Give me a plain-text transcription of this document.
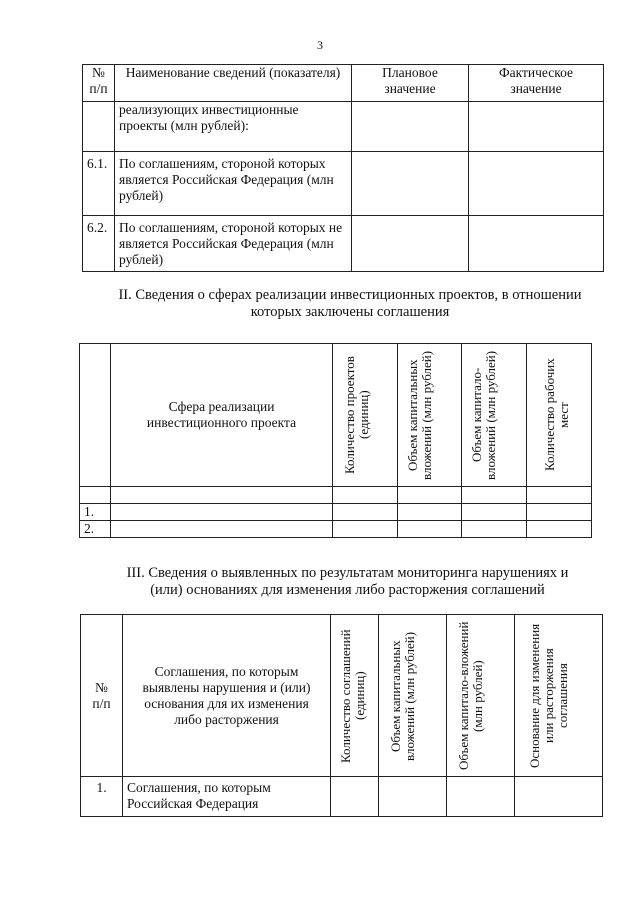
3
№ п/п	Наименование сведений (показателя)	Плановое значение	Фактическое значение
	реализующих инвестиционные проекты (млн рублей):		
6.1.	По соглашениям, стороной которых является Российская Федерация (млн рублей)		
6.2.	По соглашениям, стороной которых не является Российская Федерация (млн рублей)		
II. Сведения о сферах реализации инвестиционных проектов, в отношении которых заключены соглашения
	Сфера реализации инвестиционного проекта	Количество проектов (единиц)	Объем капитальных вложений (млн рублей)	Объем капитало-вложений (млн рублей)	Количество рабочих мест

1.					
2.					
III. Сведения о выявленных по результатам мониторинга нарушениях и (или) основаниях для изменения либо расторжения соглашений
№ п/п	Соглашения, по которым выявлены нарушения и (или) основания для их изменения либо расторжения	Количество соглашений (единиц)	Объем капитальных вложений (млн рублей)	Объем капитало-вложений (млн рублей)	Основание для изменения или расторжения соглашения

1.	Соглашения, по которым Российская Федерация				
